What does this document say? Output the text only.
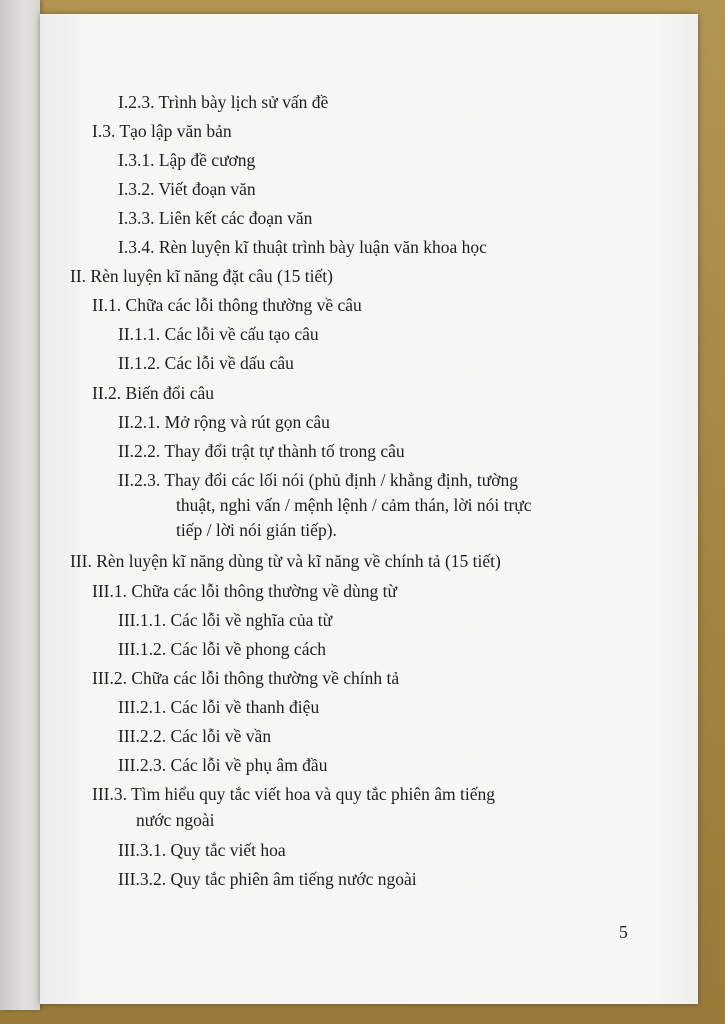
I.2.3. Trình bày lịch sử vấn đề
I.3. Tạo lập văn bản
I.3.1. Lập đề cương
I.3.2. Viết đoạn văn
I.3.3. Liên kết các đoạn văn
I.3.4. Rèn luyện kĩ thuật trình bày luận văn khoa học
II. Rèn luyện kĩ năng đặt câu (15 tiết)
II.1. Chữa các lỗi thông thường về câu
II.1.1. Các lỗi về cấu tạo câu
II.1.2. Các lỗi về dấu câu
II.2. Biến đổi câu
II.2.1. Mở rộng và rút gọn câu
II.2.2. Thay đổi trật tự thành tố trong câu
II.2.3. Thay đổi các lối nói (phủ định / khẳng định, tường
thuật, nghi vấn / mệnh lệnh / cảm thán, lời nói trực
tiếp / lời nói gián tiếp).
III. Rèn luyện kĩ năng dùng từ và kĩ năng về chính tả (15 tiết)
III.1. Chữa các lỗi thông thường về dùng từ
III.1.1. Các lỗi về nghĩa của từ
III.1.2. Các lỗi về phong cách
III.2. Chữa các lỗi thông thường về chính tả
III.2.1. Các lỗi về thanh điệu
III.2.2. Các lỗi về vần
III.2.3. Các lỗi về phụ âm đầu
III.3. Tìm hiểu quy tắc viết hoa và quy tắc phiên âm tiếng
nước ngoài
III.3.1. Quy tắc viết hoa
III.3.2. Quy tắc phiên âm tiếng nước ngoài
5
